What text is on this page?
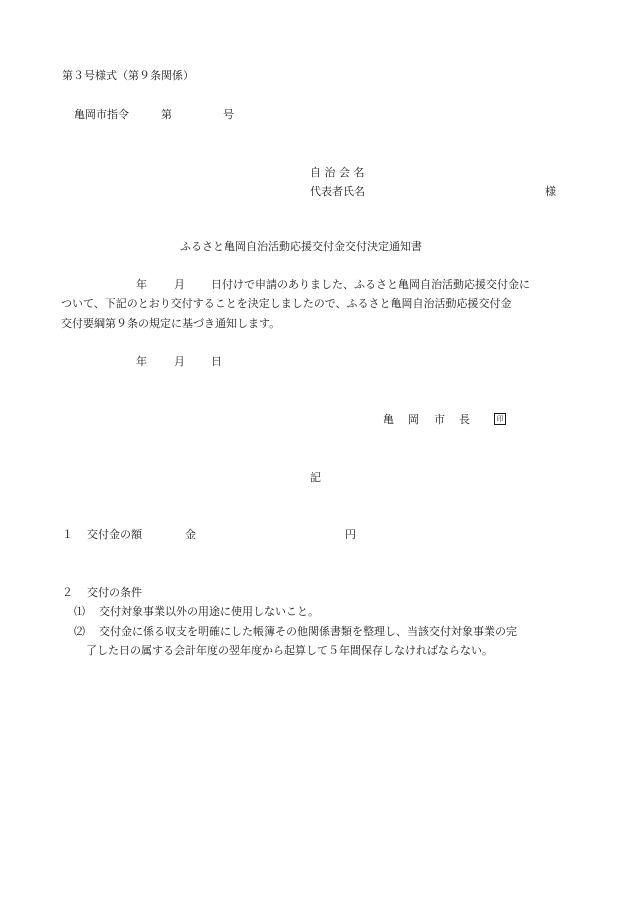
第３号様式（第９条関係）
亀岡市指令	第	号
自 治 会 名
代表者氏名	様
ふるさと亀岡自治活動応援交付金交付決定通知書
年 月 日付けで申請のありました、ふるさと亀岡自治活動応援交付金に
ついて、下記のとおり交付することを決定しましたので、ふるさと亀岡自治活動応援交付金
交付要綱第９条の規定に基づき通知します。
年 月 日
亀 岡 市 長	印
記
１ 交付金の額	金	円
２ 交付の条件
⑴ 交付対象事業以外の用途に使用しないこと。
⑵ 交付金に係る収支を明確にした帳簿その他関係書類を整理し、当該交付対象事業の完
了した日の属する会計年度の翌年度から起算して５年間保存しなければならない。
